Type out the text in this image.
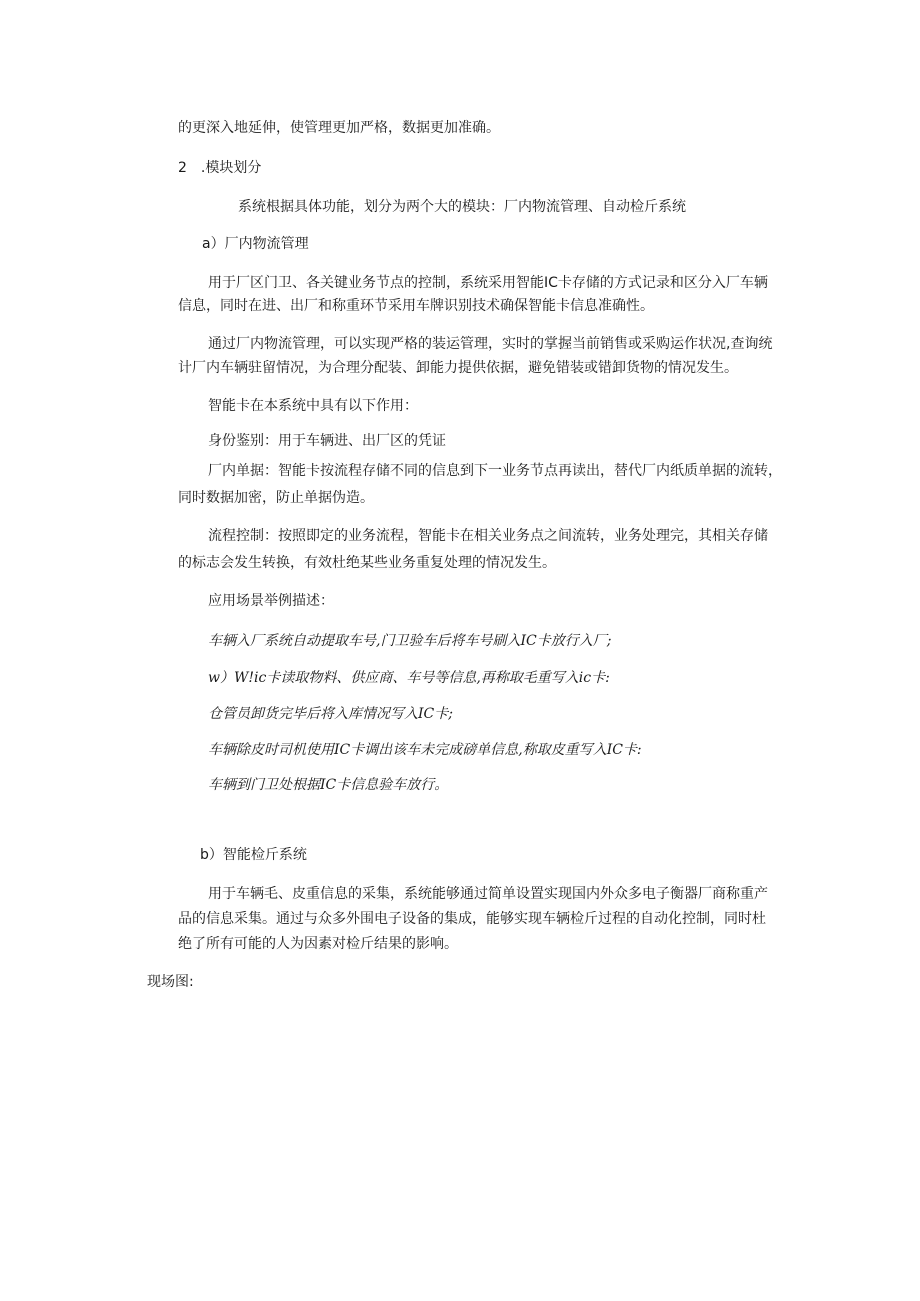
的更深入地延伸，使管理更加严格，数据更加准确。
2 .模块划分
系统根据具体功能，划分为两个大的模块：厂内物流管理、自动检斤系统
a）厂内物流管理
用于厂区门卫、各关键业务节点的控制，系统采用智能IC卡存储的方式记录和区分入厂车辆
信息，同时在进、出厂和称重环节采用车牌识别技术确保智能卡信息准确性。
通过厂内物流管理，可以实现严格的装运管理，实时的掌握当前销售或采购运作状况,查询统
计厂内车辆驻留情况，为合理分配装、卸能力提供依据，避免错装或错卸货物的情况发生。
智能卡在本系统中具有以下作用：
身份鉴别：用于车辆进、出厂区的凭证
厂内单据：智能卡按流程存储不同的信息到下一业务节点再读出，替代厂内纸质单据的流转，
同时数据加密，防止单据伪造。
流程控制：按照即定的业务流程，智能卡在相关业务点之间流转，业务处理完，其相关存储
的标志会发生转换，有效杜绝某些业务重复处理的情况发生。
应用场景举例描述：
车辆入厂系统自动提取车号,门卫验车后将车号刷入IC卡放行入厂;
w）W!ic卡读取物料、供应商、车号等信息,再称取毛重写入ic卡:
仓管员卸货完毕后将入库情况写入IC卡;
车辆除皮时司机使用IC卡调出该车未完成磅单信息,称取皮重写入IC卡:
车辆到门卫处根据IC卡信息验车放行。
b）智能检斤系统
用于车辆毛、皮重信息的采集，系统能够通过简单设置实现国内外众多电子衡器厂商称重产
品的信息采集。通过与众多外围电子设备的集成，能够实现车辆检斤过程的自动化控制，同时杜
绝了所有可能的人为因素对检斤结果的影响。
现场图:
